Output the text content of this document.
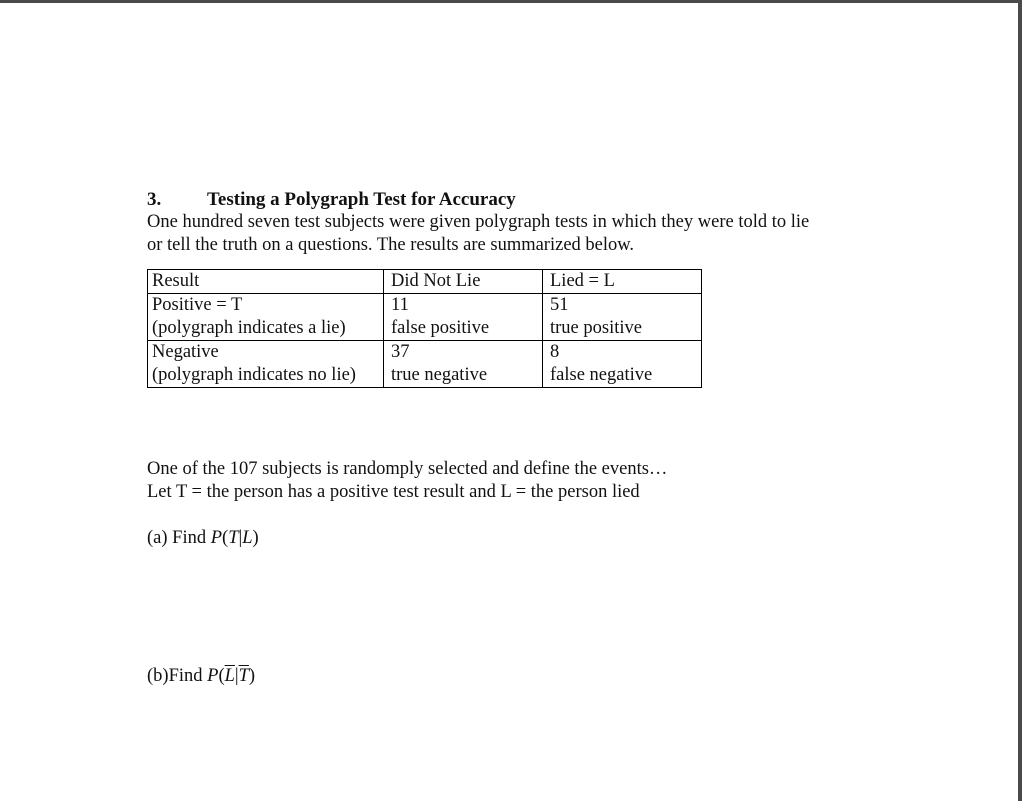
3. Testing a Polygraph Test for Accuracy

One hundred seven test subjects were given polygraph tests in which they were told to lie
or tell the truth on a questions. The results are summarized below.

Result	Did Not Lie	Lied = L
Positive = T	11	51
(polygraph indicates a lie)	false positive	true positive
Negative	37	8
(polygraph indicates no lie)	true negative	false negative
One of the 107 subjects is randomply selected and define the events…
Let T = the person has a positive test result and L = the person lied
(a) Find P(T|L)
(b)Find $P(\overline{L}|\overline{T})$
